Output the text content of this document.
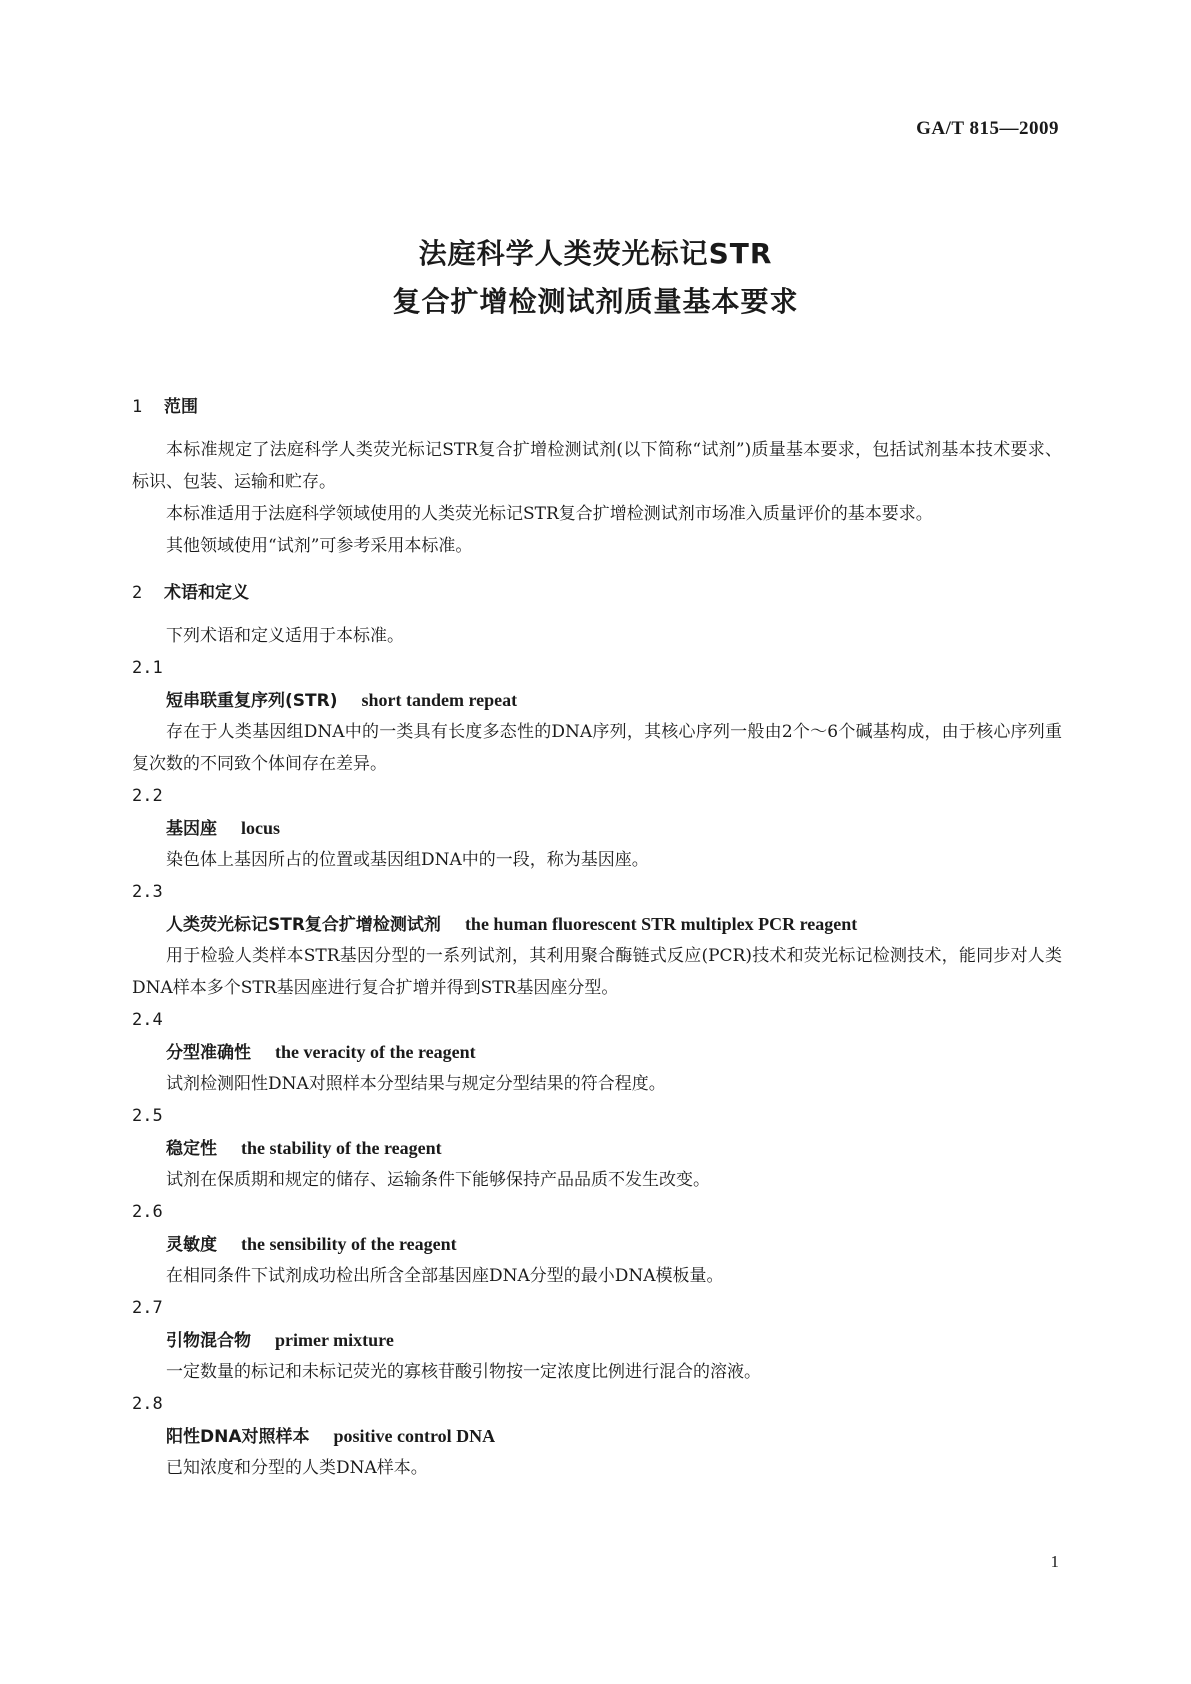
GA/T 815—2009
法庭科学人类荧光标记STR
复合扩增检测试剂质量基本要求
1 范围

本标准规定了法庭科学人类荧光标记STR复合扩增检测试剂(以下简称“试剂”)质量基本要求，包括试剂基本技术要求、标识、包装、运输和贮存。

本标准适用于法庭科学领域使用的人类荧光标记STR复合扩增检测试剂市场准入质量评价的基本要求。

其他领域使用“试剂”可参考采用本标准。

2 术语和定义

下列术语和定义适用于本标准。

2.1
短串联重复序列(STR) short tandem repeat

存在于人类基因组DNA中的一类具有长度多态性的DNA序列，其核心序列一般由2个～6个碱基构成，由于核心序列重复次数的不同致个体间存在差异。

2.2
基因座 locus

染色体上基因所占的位置或基因组DNA中的一段，称为基因座。

2.3
人类荧光标记STR复合扩增检测试剂 the human fluorescent STR multiplex PCR reagent

用于检验人类样本STR基因分型的一系列试剂，其利用聚合酶链式反应(PCR)技术和荧光标记检测技术，能同步对人类DNA样本多个STR基因座进行复合扩增并得到STR基因座分型。

2.4
分型准确性 the veracity of the reagent

试剂检测阳性DNA对照样本分型结果与规定分型结果的符合程度。

2.5
稳定性 the stability of the reagent

试剂在保质期和规定的储存、运输条件下能够保持产品品质不发生改变。

2.6
灵敏度 the sensibility of the reagent

在相同条件下试剂成功检出所含全部基因座DNA分型的最小DNA模板量。

2.7
引物混合物 primer mixture

一定数量的标记和未标记荧光的寡核苷酸引物按一定浓度比例进行混合的溶液。

2.8
阳性DNA对照样本 positive control DNA

已知浓度和分型的人类DNA样本。

1
